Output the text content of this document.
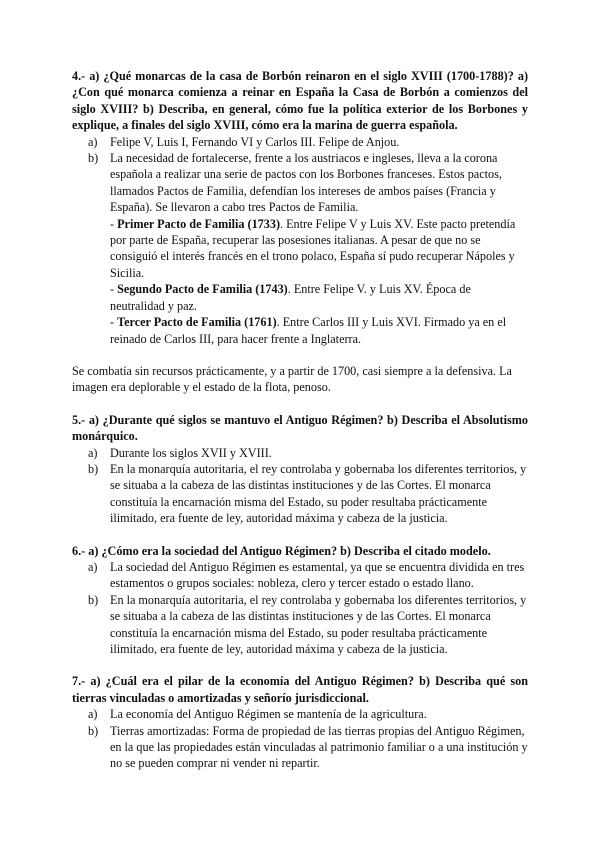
4.- a) ¿Qué monarcas de la casa de Borbón reinaron en el siglo XVIII (1700-1788)? a) ¿Con qué monarca comienza a reinar en España la Casa de Borbón a comienzos del siglo XVIII? b) Describa, en general, cómo fue la política exterior de los Borbones y explique, a finales del siglo XVIII, cómo era la marina de guerra española.
a)	Felipe V, Luis I, Fernando VI y Carlos III. Felipe de Anjou.
b) La necesidad de fortalecerse, frente a los austriacos e ingleses, lleva a la corona española a realizar una serie de pactos con los Borbones franceses. Estos pactos, llamados Pactos de Familia, defendían los intereses de ambos países (Francia y España). Se llevaron a cabo tres Pactos de Familia.
- Primer Pacto de Familia (1733). Entre Felipe V y Luis XV. Este pacto pretendía por parte de España, recuperar las posesiones italianas. A pesar de que no se consiguió el interés francés en el trono polaco, España sí pudo recuperar Nápoles y Sicilia.
- Segundo Pacto de Familia (1743). Entre Felipe V. y Luis XV. Época de neutralidad y paz.
- Tercer Pacto de Familia (1761). Entre Carlos III y Luis XVI. Firmado ya en el reinado de Carlos III, para hacer frente a Inglaterra.
Se combatía sin recursos prácticamente, y a partir de 1700, casi siempre a la defensiva. La imagen era deplorable y el estado de la flota, penoso.
5.- a) ¿Durante qué siglos se mantuvo el Antiguo Régimen? b) Describa el Absolutismo monárquico.
a)	Durante los siglos XVII y XVIII.
b) En la monarquía autoritaria, el rey controlaba y gobernaba los diferentes territorios, y se situaba a la cabeza de las distintas instituciones y de las Cortes. El monarca constituía la encarnación misma del Estado, su poder resultaba prácticamente ilimitado, era fuente de ley, autoridad máxima y cabeza de la justicia.
6.- a) ¿Cómo era la sociedad del Antiguo Régimen? b) Describa el citado modelo.
a)	La sociedad del Antiguo Régimen es estamental, ya que se encuentra dividida en tres estamentos o grupos sociales: nobleza, clero y tercer estado o estado llano.
b) En la monarquía autoritaria, el rey controlaba y gobernaba los diferentes territorios, y se situaba a la cabeza de las distintas instituciones y de las Cortes. El monarca constituía la encarnación misma del Estado, su poder resultaba prácticamente ilimitado, era fuente de ley, autoridad máxima y cabeza de la justicia.
7.- a) ¿Cuál era el pilar de la economía del Antiguo Régimen? b) Describa qué son tierras vinculadas o amortizadas y señorío jurisdiccional.
a)	La economía del Antiguo Régimen se mantenía de la agricultura.
b) Tierras amortizadas: Forma de propiedad de las tierras propias del Antiguo Régimen, en la que las propiedades están vinculadas al patrimonio familiar o a una institución y no se pueden comprar ni vender ni repartir.
